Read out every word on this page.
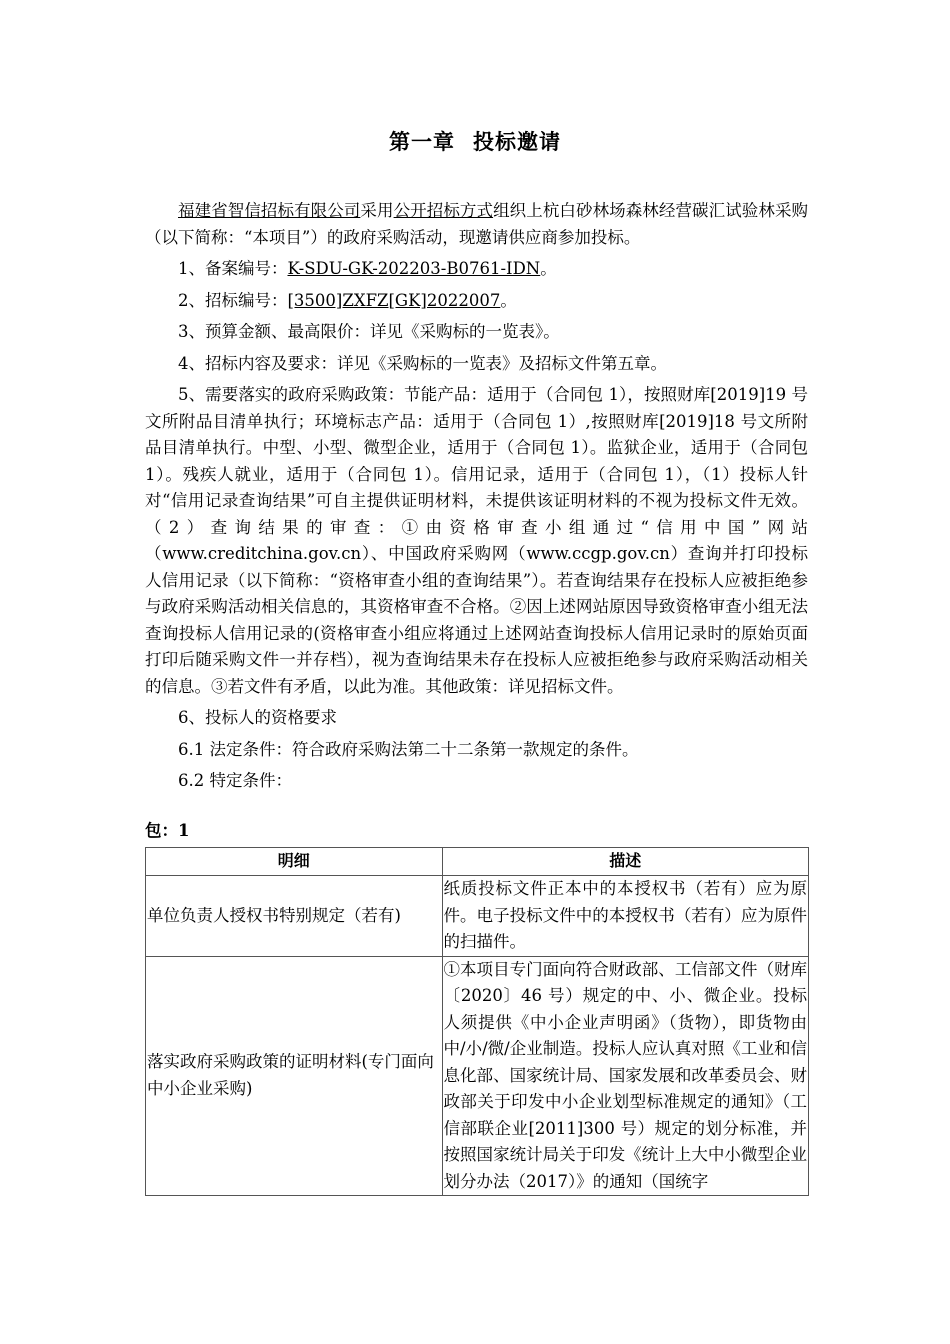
第一章 投标邀请

福建省智信招标有限公司采用公开招标方式组织上杭白砂林场森林经营碳汇试验林采购（以下简称：“本项目”）的政府采购活动，现邀请供应商参加投标。

1、备案编号：K-SDU-GK-202203-B0761-IDN。

2、招标编号：[3500]ZXFZ[GK]2022007。

3、预算金额、最高限价：详见《采购标的一览表》。

4、招标内容及要求：详见《采购标的一览表》及招标文件第五章。

5、需要落实的政府采购政策：节能产品：适用于（合同包 1），按照财库[2019]19 号文所附品目清单执行；环境标志产品：适用于（合同包 1）,按照财库[2019]18 号文所附品目清单执行。中型、小型、微型企业，适用于（合同包 1）。监狱企业，适用于（合同包 1）。残疾人就业，适用于（合同包 1）。信用记录，适用于（合同包 1），（1）投标人针对“信用记录查询结果”可自主提供证明材料，未提供该证明材料的不视为投标文件无效。（2）查询结果的审查：①由资格审查小组通过“信用中国”网站（www.creditchina.gov.cn）、中国政府采购网（www.ccgp.gov.cn）查询并打印投标人信用记录（以下简称：“资格审查小组的查询结果”）。若查询结果存在投标人应被拒绝参与政府采购活动相关信息的，其资格审查不合格。②因上述网站原因导致资格审查小组无法查询投标人信用记录的(资格审查小组应将通过上述网站查询投标人信用记录时的原始页面打印后随采购文件一并存档），视为查询结果未存在投标人应被拒绝参与政府采购活动相关的信息。③若文件有矛盾，以此为准。其他政策：详见招标文件。

6、投标人的资格要求

6.1 法定条件：符合政府采购法第二十二条第一款规定的条件。

6.2 特定条件：

包：1
明细	描述
单位负责人授权书特别规定（若有)	纸质投标文件正本中的本授权书（若有）应为原件。电子投标文件中的本授权书（若有）应为原件的扫描件。
落实政府采购政策的证明材料(专门面向中小企业采购)	①本项目专门面向符合财政部、工信部文件（财库〔2020〕46 号）规定的中、小、微企业。投标人须提供《中小企业声明函》（货物），即货物由中/小/微/企业制造。投标人应认真对照《工业和信息化部、国家统计局、国家发展和改革委员会、财政部关于印发中小企业划型标准规定的通知》（工信部联企业[2011]300 号）规定的划分标准，并按照国家统计局关于印发《统计上大中小微型企业划分办法（2017）》的通知（国统字
